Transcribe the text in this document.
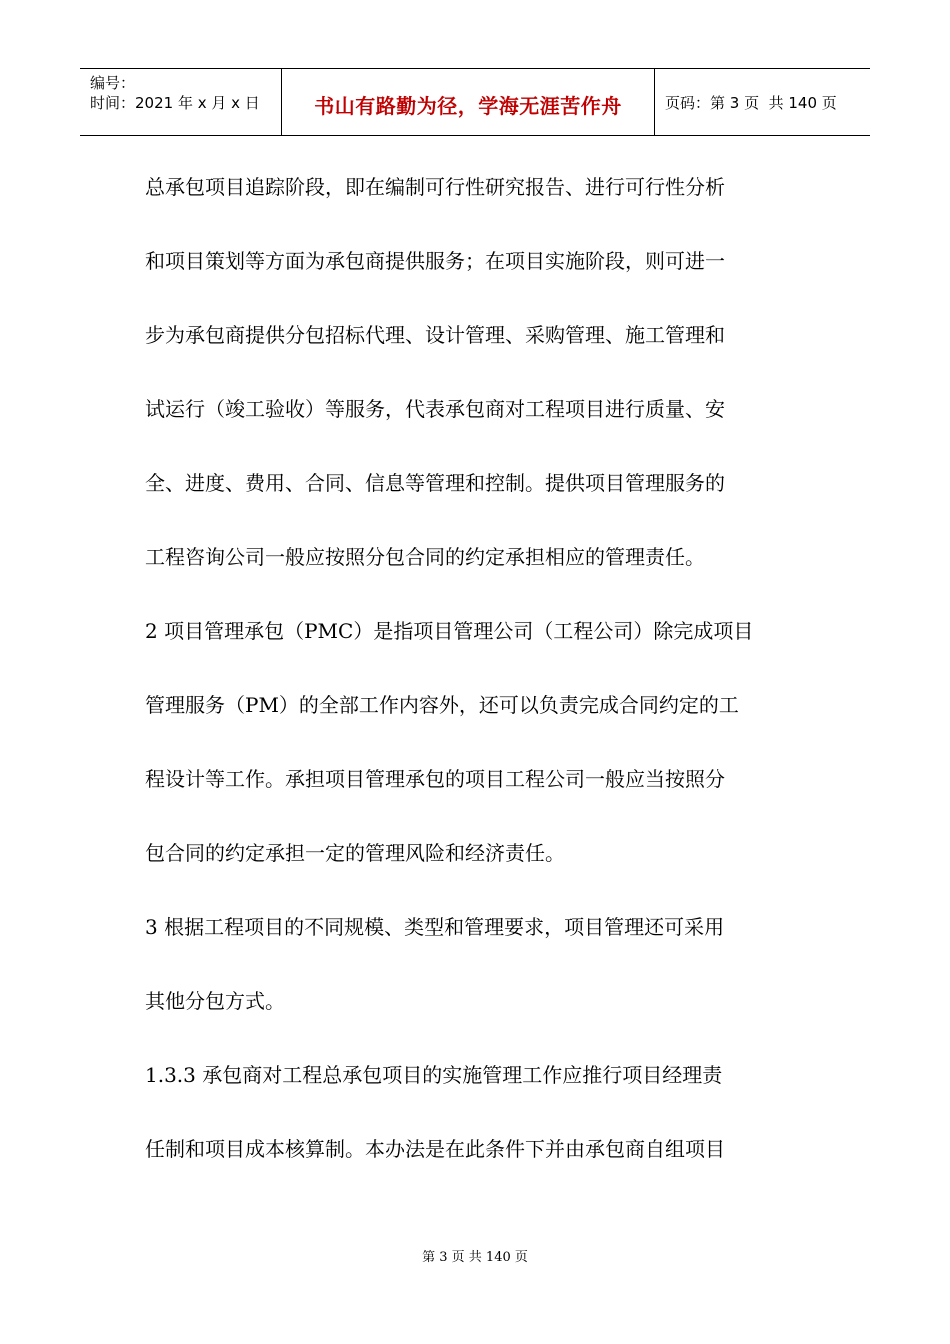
编号：
时间：2021 年 x 月 x 日	书山有路勤为径，学海无涯苦作舟	页码：第 3 页  共 140 页
总承包项目追踪阶段，即在编制可行性研究报告、进行可行性分析
和项目策划等方面为承包商提供服务；在项目实施阶段，则可进一
步为承包商提供分包招标代理、设计管理、采购管理、施工管理和
试运行（竣工验收）等服务，代表承包商对工程项目进行质量、安
全、进度、费用、合同、信息等管理和控制。提供项目管理服务的
工程咨询公司一般应按照分包合同的约定承担相应的管理责任。
2 项目管理承包（PMC）是指项目管理公司（工程公司）除完成项目
管理服务（PM）的全部工作内容外，还可以负责完成合同约定的工
程设计等工作。承担项目管理承包的项目工程公司一般应当按照分
包合同的约定承担一定的管理风险和经济责任。
3 根据工程项目的不同规模、类型和管理要求，项目管理还可采用
其他分包方式。
1.3.3 承包商对工程总承包项目的实施管理工作应推行项目经理责
任制和项目成本核算制。本办法是在此条件下并由承包商自组项目
第 3 页 共 140 页
